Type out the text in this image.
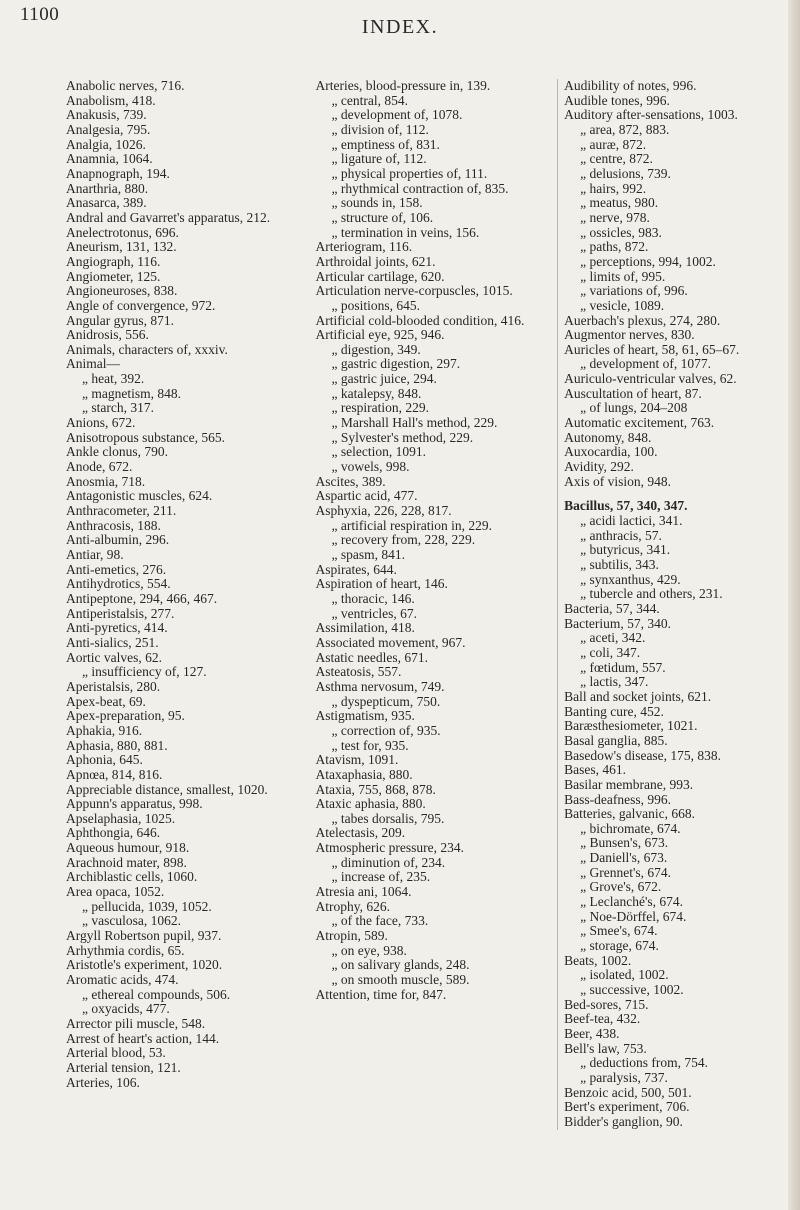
1100
INDEX.
Anabolic nerves, 716.
Anabolism, 418.
Anakusis, 739.
Analgesia, 795.
Analgia, 1026.
Anamnia, 1064.
Anapnograph, 194.
Anarthria, 880.
Anasarca, 389.
Andral and Gavarret's apparatus, 212.
Anelectrotonus, 696.
Aneurism, 131, 132.
Angiograph, 116.
Angiometer, 125.
Angioneuroses, 838.
Angle of convergence, 972.
Angular gyrus, 871.
Anidrosis, 556.
Animals, characters of, xxxiv.
Animal—
„ heat, 392.
„ magnetism, 848.
„ starch, 317.
Anions, 672.
Anisotropous substance, 565.
Ankle clonus, 790.
Anode, 672.
Anosmia, 718.
Antagonistic muscles, 624.
Anthracometer, 211.
Anthracosis, 188.
Anti-albumin, 296.
Antiar, 98.
Anti-emetics, 276.
Antihydrotics, 554.
Antipeptone, 294, 466, 467.
Antiperistalsis, 277.
Anti-pyretics, 414.
Anti-sialics, 251.
Aortic valves, 62.
„ insufficiency of, 127.
Aperistalsis, 280.
Apex-beat, 69.
Apex-preparation, 95.
Aphakia, 916.
Aphasia, 880, 881.
Aphonia, 645.
Apnœa, 814, 816.
Appreciable distance, smallest, 1020.
Appunn's apparatus, 998.
Apselaphasia, 1025.
Aphthongia, 646.
Aqueous humour, 918.
Arachnoid mater, 898.
Archiblastic cells, 1060.
Area opaca, 1052.
„ pellucida, 1039, 1052.
„ vasculosa, 1062.
Argyll Robertson pupil, 937.
Arhythmia cordis, 65.
Aristotle's experiment, 1020.
Aromatic acids, 474.
„ ethereal compounds, 506.
„ oxyacids, 477.
Arrector pili muscle, 548.
Arrest of heart's action, 144.
Arterial blood, 53.
Arterial tension, 121.
Arteries, 106.
Arteries, blood-pressure in, 139.
„ central, 854.
„ development of, 1078.
„ division of, 112.
„ emptiness of, 831.
„ ligature of, 112.
„ physical properties of, 111.
„ rhythmical contraction of, 835.
„ sounds in, 158.
„ structure of, 106.
„ termination in veins, 156.
Arteriogram, 116.
Arthroidal joints, 621.
Articular cartilage, 620.
Articulation nerve-corpuscles, 1015.
„ positions, 645.
Artificial cold-blooded condition, 416.
Artificial eye, 925, 946.
„ digestion, 349.
„ gastric digestion, 297.
„ gastric juice, 294.
„ katalepsy, 848.
„ respiration, 229.
„ Marshall Hall's method, 229.
„ Sylvester's method, 229.
„ selection, 1091.
„ vowels, 998.
Ascites, 389.
Aspartic acid, 477.
Asphyxia, 226, 228, 817.
„ artificial respiration in, 229.
„ recovery from, 228, 229.
„ spasm, 841.
Aspirates, 644.
Aspiration of heart, 146.
„ thoracic, 146.
„ ventricles, 67.
Assimilation, 418.
Associated movement, 967.
Astatic needles, 671.
Asteatosis, 557.
Asthma nervosum, 749.
„ dyspepticum, 750.
Astigmatism, 935.
„ correction of, 935.
„ test for, 935.
Atavism, 1091.
Ataxaphasia, 880.
Ataxia, 755, 868, 878.
Ataxic aphasia, 880.
„ tabes dorsalis, 795.
Atelectasis, 209.
Atmospheric pressure, 234.
„ diminution of, 234.
„ increase of, 235.
Atresia ani, 1064.
Atrophy, 626.
„ of the face, 733.
Atropin, 589.
„ on eye, 938.
„ on salivary glands, 248.
„ on smooth muscle, 589.
Attention, time for, 847.
Audibility of notes, 996.
Audible tones, 996.
Auditory after-sensations, 1003.
„ area, 872, 883.
„ auræ, 872.
„ centre, 872.
„ delusions, 739.
„ hairs, 992.
„ meatus, 980.
„ nerve, 978.
„ ossicles, 983.
„ paths, 872.
„ perceptions, 994, 1002.
„ limits of, 995.
„ variations of, 996.
„ vesicle, 1089.
Auerbach's plexus, 274, 280.
Augmentor nerves, 830.
Auricles of heart, 58, 61, 65–67.
„ development of, 1077.
Auriculo-ventricular valves, 62.
Auscultation of heart, 87.
„ of lungs, 204–208
Automatic excitement, 763.
Autonomy, 848.
Auxocardia, 100.
Avidity, 292.
Axis of vision, 948.
Bacillus, 57, 340, 347.
„ acidi lactici, 341.
„ anthracis, 57.
„ butyricus, 341.
„ subtilis, 343.
„ synxanthus, 429.
„ tubercle and others, 231.
Bacteria, 57, 344.
Bacterium, 57, 340.
„ aceti, 342.
„ coli, 347.
„ fœtidum, 557.
„ lactis, 347.
Ball and socket joints, 621.
Banting cure, 452.
Baræsthesiometer, 1021.
Basal ganglia, 885.
Basedow's disease, 175, 838.
Bases, 461.
Basilar membrane, 993.
Bass-deafness, 996.
Batteries, galvanic, 668.
„ bichromate, 674.
„ Bunsen's, 673.
„ Daniell's, 673.
„ Grennet's, 674.
„ Grove's, 672.
„ Leclanché's, 674.
„ Noe-Dörffel, 674.
„ Smee's, 674.
„ storage, 674.
Beats, 1002.
„ isolated, 1002.
„ successive, 1002.
Bed-sores, 715.
Beef-tea, 432.
Beer, 438.
Bell's law, 753.
„ deductions from, 754.
„ paralysis, 737.
Benzoic acid, 500, 501.
Bert's experiment, 706.
Bidder's ganglion, 90.
